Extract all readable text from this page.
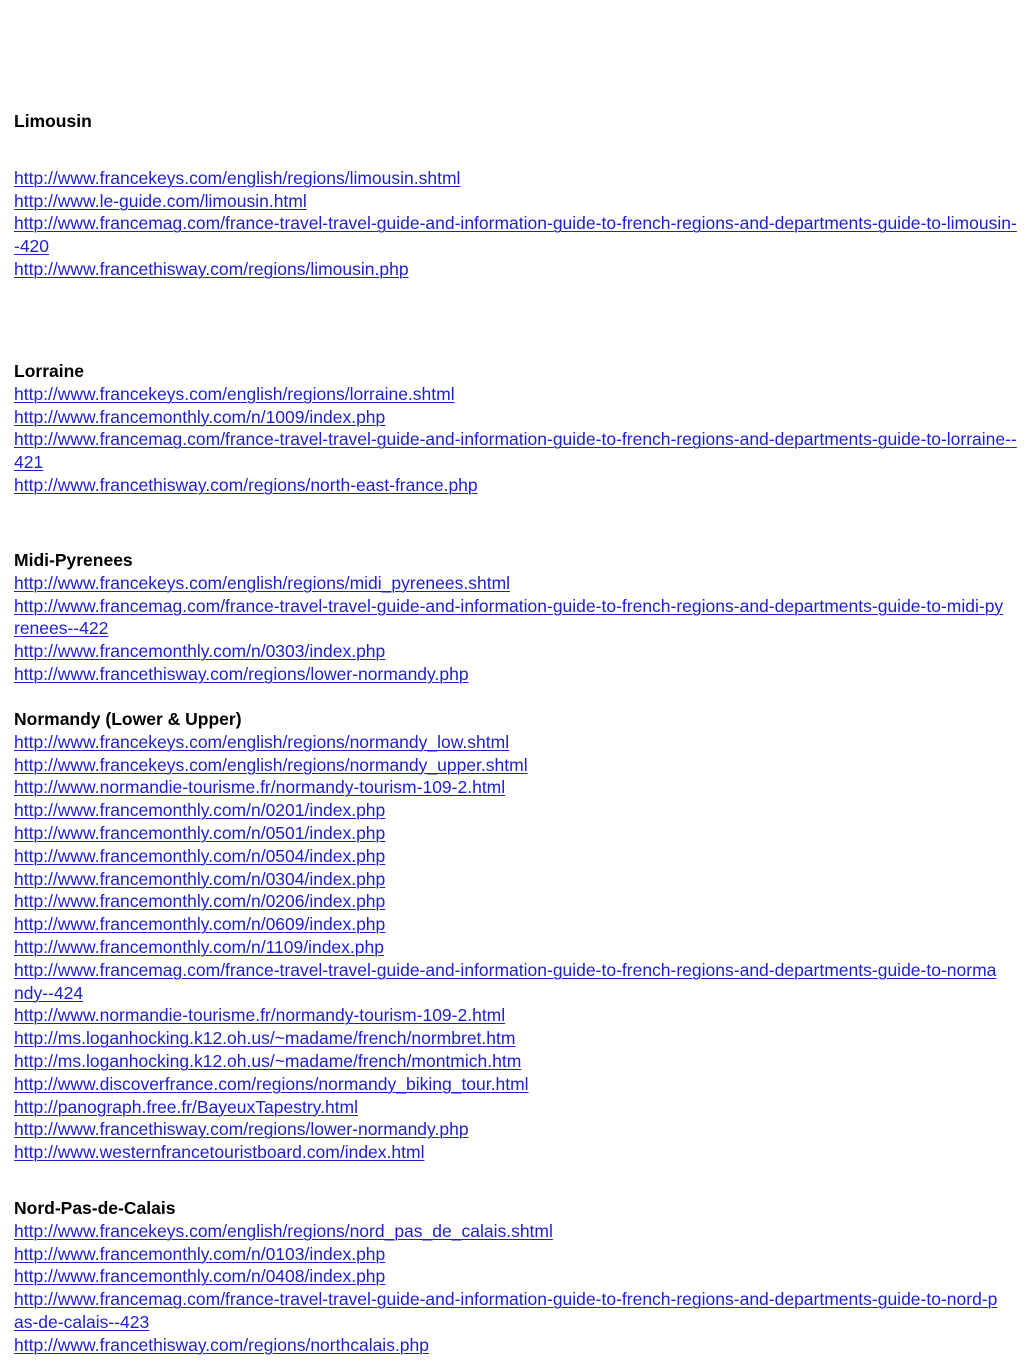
Limousin
http://www.francekeys.com/english/regions/limousin.shtml
http://www.le-guide.com/limousin.html
http://www.francemag.com/france-travel-travel-guide-and-information-guide-to-french-regions-and-departments-guide-to-limousin--420
http://www.francethisway.com/regions/limousin.php
Lorraine
http://www.francekeys.com/english/regions/lorraine.shtml
http://www.francemonthly.com/n/1009/index.php
http://www.francemag.com/france-travel-travel-guide-and-information-guide-to-french-regions-and-departments-guide-to-lorraine--421
http://www.francethisway.com/regions/north-east-france.php
Midi-Pyrenees
http://www.francekeys.com/english/regions/midi_pyrenees.shtml
http://www.francemag.com/france-travel-travel-guide-and-information-guide-to-french-regions-and-departments-guide-to-midi-pyrenees--422
http://www.francemonthly.com/n/0303/index.php
http://www.francethisway.com/regions/lower-normandy.php
Normandy (Lower & Upper)
http://www.francekeys.com/english/regions/normandy_low.shtml
http://www.francekeys.com/english/regions/normandy_upper.shtml
http://www.normandie-tourisme.fr/normandy-tourism-109-2.html
http://www.francemonthly.com/n/0201/index.php
http://www.francemonthly.com/n/0501/index.php
http://www.francemonthly.com/n/0504/index.php
http://www.francemonthly.com/n/0304/index.php
http://www.francemonthly.com/n/0206/index.php
http://www.francemonthly.com/n/0609/index.php
http://www.francemonthly.com/n/1109/index.php
http://www.francemag.com/france-travel-travel-guide-and-information-guide-to-french-regions-and-departments-guide-to-normandy--424
http://www.normandie-tourisme.fr/normandy-tourism-109-2.html
http://ms.loganhocking.k12.oh.us/~madame/french/normbret.htm
http://ms.loganhocking.k12.oh.us/~madame/french/montmich.htm
http://www.discoverfrance.com/regions/normandy_biking_tour.html
http://panograph.free.fr/BayeuxTapestry.html
http://www.francethisway.com/regions/lower-normandy.php
http://www.westernfrancetouristboard.com/index.html
Nord-Pas-de-Calais
http://www.francekeys.com/english/regions/nord_pas_de_calais.shtml
http://www.francemonthly.com/n/0103/index.php
http://www.francemonthly.com/n/0408/index.php
http://www.francemag.com/france-travel-travel-guide-and-information-guide-to-french-regions-and-departments-guide-to-nord-pas-de-calais--423
http://www.francethisway.com/regions/northcalais.php
